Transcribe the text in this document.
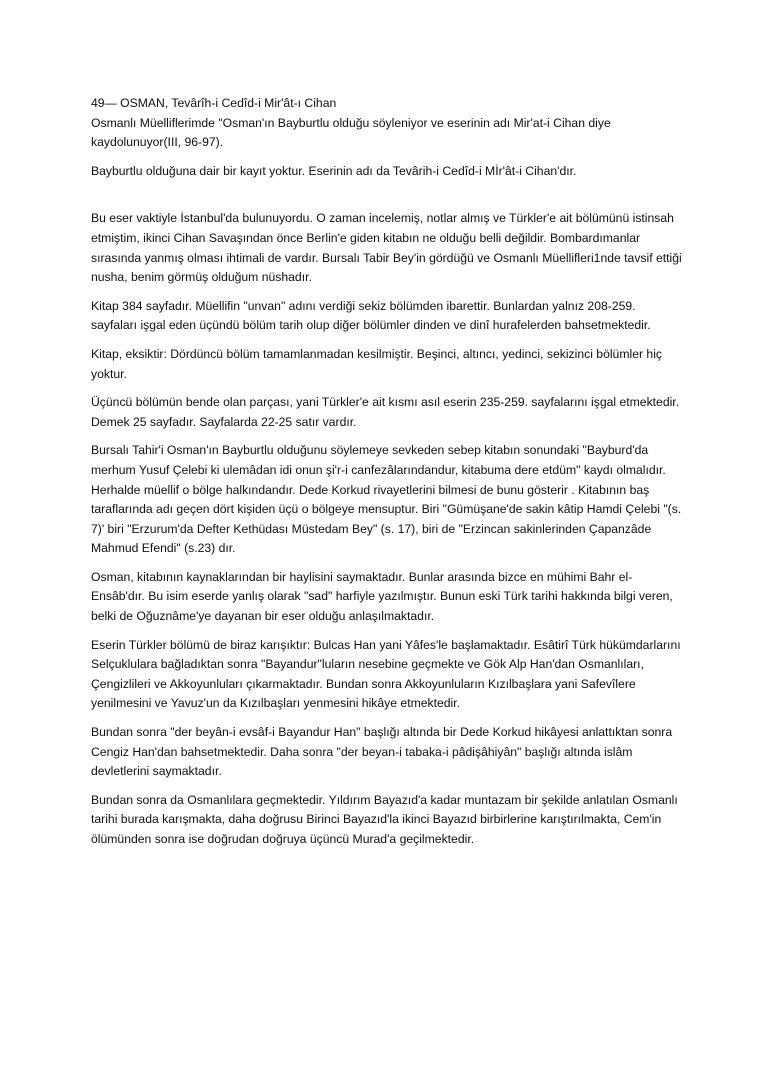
49— OSMAN, Tevârîh-i Cedîd-i Mir'ât-ı Cihan

Osmanlı Müelliflerimde "Osman'ın Bayburtlu olduğu söyleniyor ve eserinin adı Mir'at-i Cihan diye kaydolunuyor(III, 96-97).

Bayburtlu olduğuna dair bir kayıt yoktur. Eserinin adı da Tevârih-i Cedîd-i Mİr'ât-i Cihan'dır.

Bu eser vaktiyle İstanbul'da bulunuyordu. O zaman incelemiş, notlar almış ve Türkler'e ait bölümünü istinsah etmiştim, ikinci Cihan Savaşından önce Berlin'e giden kitabın ne olduğu belli değildir. Bombardımanlar sırasında yanmış olması ihtimali de vardır. Bursalı Tabir Bey'in gördüğü ve Osmanlı Müellifleri1nde tavsif ettiği nusha, benim görmüş olduğum nüshadır.

Kitap 384 sayfadır. Müellifin "unvan" adını verdiği sekiz bölümden ibarettir. Bunlardan yalnız 208-259. sayfaları işgal eden üçündü bölüm tarih olup diğer bölümler dinden ve dinî hurafelerden bahsetmektedir.

Kitap, eksiktir: Dördüncü bölüm tamamlanmadan kesilmiştir. Beşinci, altıncı, yedinci, sekizinci bölümler hiç yoktur.

Üçüncü bölümün bende olan parçası, yani Türkler'e ait kısmı asıl eserin 235-259. sayfalarını işgal etmektedir. Demek 25 sayfadır. Sayfalarda 22-25 satır vardır.

Bursalı Tahir'i Osman'ın Bayburtlu olduğunu söylemeye sevkeden sebep kitabın sonundaki "Bayburd'da merhum Yusuf Çelebi ki ulemâdan idi onun şi'r-i canfezâlarındandur, kitabuma dere etdüm" kaydı olmalıdır. Herhalde müellif o bölge halkındandır. Dede Korkud rivayetlerini bilmesi de bunu gösterir . Kitabının baş taraflarında adı geçen dört kişiden üçü o bölgeye mensuptur. Biri "Gümüşane'de sakin kâtip Hamdi Çelebi "(s. 7)' biri "Erzurum'da Defter Kethüdası Müstedam Bey" (s. 17), biri de "Erzincan sakinlerinden Çapanzâde Mahmud Efendi" (s.23) dır.

Osman, kitabının kaynaklarından bir haylisini saymaktadır. Bunlar arasında bizce en mühimi Bahr el-Ensâb'dır. Bu isim eserde yanlış olarak "sad" harfiyle yazılmıştır. Bunun eski Türk tarihi hakkında bilgi veren, belki de Oğuznâme'ye dayanan bir eser olduğu anlaşılmaktadır.

Eserin Türkler bölümü de biraz karışıktır: Bulcas Han yani Yâfes'le başlamaktadır. Esâtirî Türk hükümdarlarını Selçuklulara bağladıktan sonra "Bayandur"luların nesebine geçmekte ve Gök Alp Han'dan Osmanlıları, Çengizlileri ve Akkoyunluları çıkarmaktadır. Bundan sonra Akkoyunluların Kızılbaşlara yani Safevîlere yenilmesini ve Yavuz'un da Kızılbaşları yenmesini hikâye etmektedir.

Bundan sonra "der beyân-i evsâf-i Bayandur Han" başlığı altında bir Dede Korkud hikâyesi anlattıktan sonra Cengiz Han'dan bahsetmektedir. Daha sonra "der beyan-i tabaka-i pâdişâhiyân" başlığı altında islâm devletlerini saymaktadır.

Bundan sonra da Osmanlılara geçmektedir. Yıldırım Bayazıd'a kadar muntazam bir şekilde anlatılan Osmanlı tarihi burada karışmakta, daha doğrusu Birinci Bayazıd'la ikinci Bayazıd birbirlerine karıştırılmakta, Cem'in ölümünden sonra ise doğrudan doğruya üçüncü Murad'a geçilmektedir.
